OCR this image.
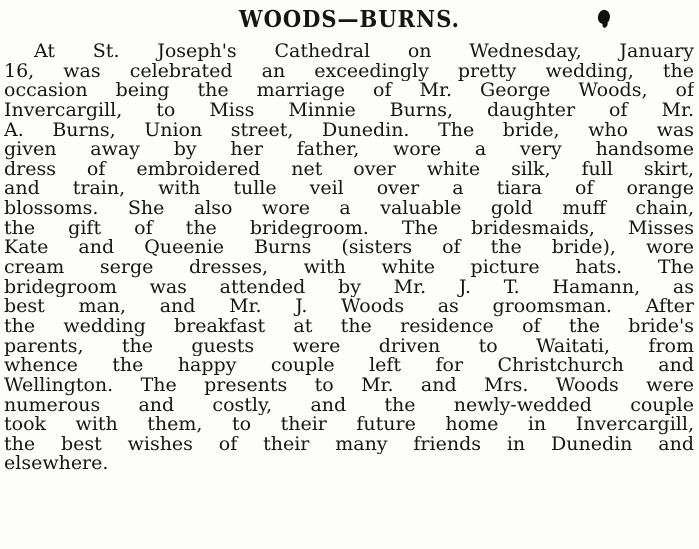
WOODS—BURNS.
At St. Joseph's Cathedral on Wednesday, January
16, was celebrated an exceedingly pretty wedding, the
occasion being the marriage of Mr. George Woods, of
Invercargill, to Miss Minnie Burns, daughter of Mr.
A. Burns, Union street, Dunedin. The bride, who was
given away by her father, wore a very handsome
dress of embroidered net over white silk, full skirt,
and train, with tulle veil over a tiara of orange
blossoms. She also wore a valuable gold muff chain,
the gift of the bridegroom. The bridesmaids, Misses
Kate and Queenie Burns (sisters of the bride), wore
cream serge dresses, with white picture hats. The
bridegroom was attended by Mr. J. T. Hamann, as
best man, and Mr. J. Woods as groomsman. After
the wedding breakfast at the residence of the bride's
parents, the guests were driven to Waitati, from
whence the happy couple left for Christchurch and
Wellington. The presents to Mr. and Mrs. Woods were
numerous and costly, and the newly-wedded couple
took with them, to their future home in Invercargill,
the best wishes of their many friends in Dunedin and
elsewhere.
